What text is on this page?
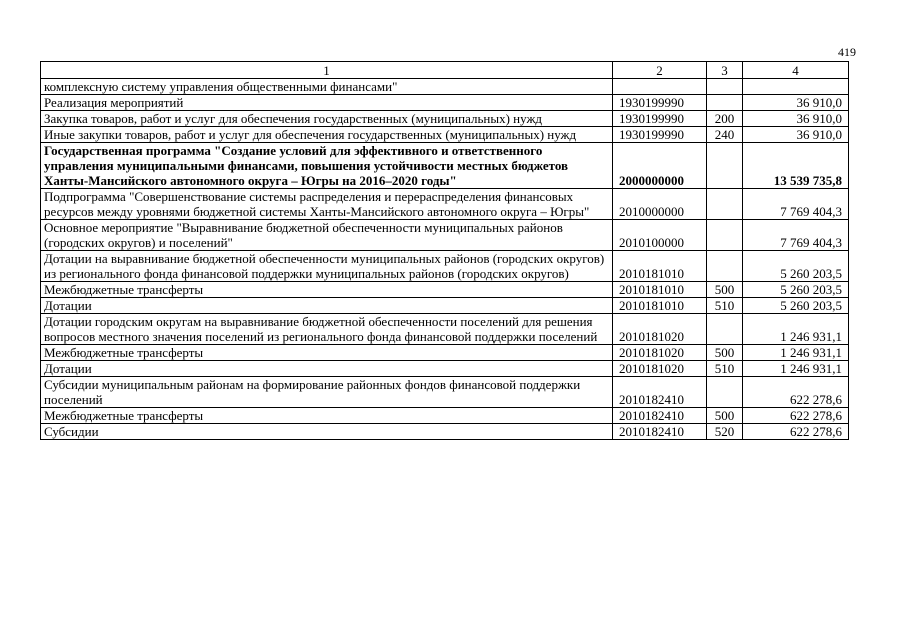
419
1	2	3	4
комплексную систему управления общественными финансами"			
Реализация мероприятий	1930199990		36 910,0
Закупка товаров, работ и услуг для обеспечения государственных (муниципальных) нужд	1930199990	200	36 910,0
Иные закупки товаров, работ и услуг для обеспечения государственных (муниципальных) нужд	1930199990	240	36 910,0
Государственная программа "Создание условий для эффективного и ответственного управления муниципальными финансами, повышения устойчивости местных бюджетов Ханты-Мансийского автономного округа – Югры на 2016–2020 годы"	2000000000		13 539 735,8
Подпрограмма "Совершенствование системы распределения и перераспределения финансовых ресурсов между уровнями бюджетной системы Ханты-Мансийского автономного округа – Югры"	2010000000		7 769 404,3
Основное мероприятие "Выравнивание бюджетной обеспеченности муниципальных районов (городских округов) и поселений"	2010100000		7 769 404,3
Дотации на выравнивание бюджетной обеспеченности муниципальных районов (городских округов) из регионального фонда финансовой поддержки муниципальных районов (городских округов)	2010181010		5 260 203,5
Межбюджетные трансферты	2010181010	500	5 260 203,5
Дотации	2010181010	510	5 260 203,5
Дотации городским округам на выравнивание бюджетной обеспеченности поселений для решения вопросов местного значения поселений из регионального фонда финансовой поддержки поселений	2010181020		1 246 931,1
Межбюджетные трансферты	2010181020	500	1 246 931,1
Дотации	2010181020	510	1 246 931,1
Субсидии муниципальным районам на формирование районных фондов финансовой поддержки поселений	2010182410		622 278,6
Межбюджетные трансферты	2010182410	500	622 278,6
Субсидии	2010182410	520	622 278,6
